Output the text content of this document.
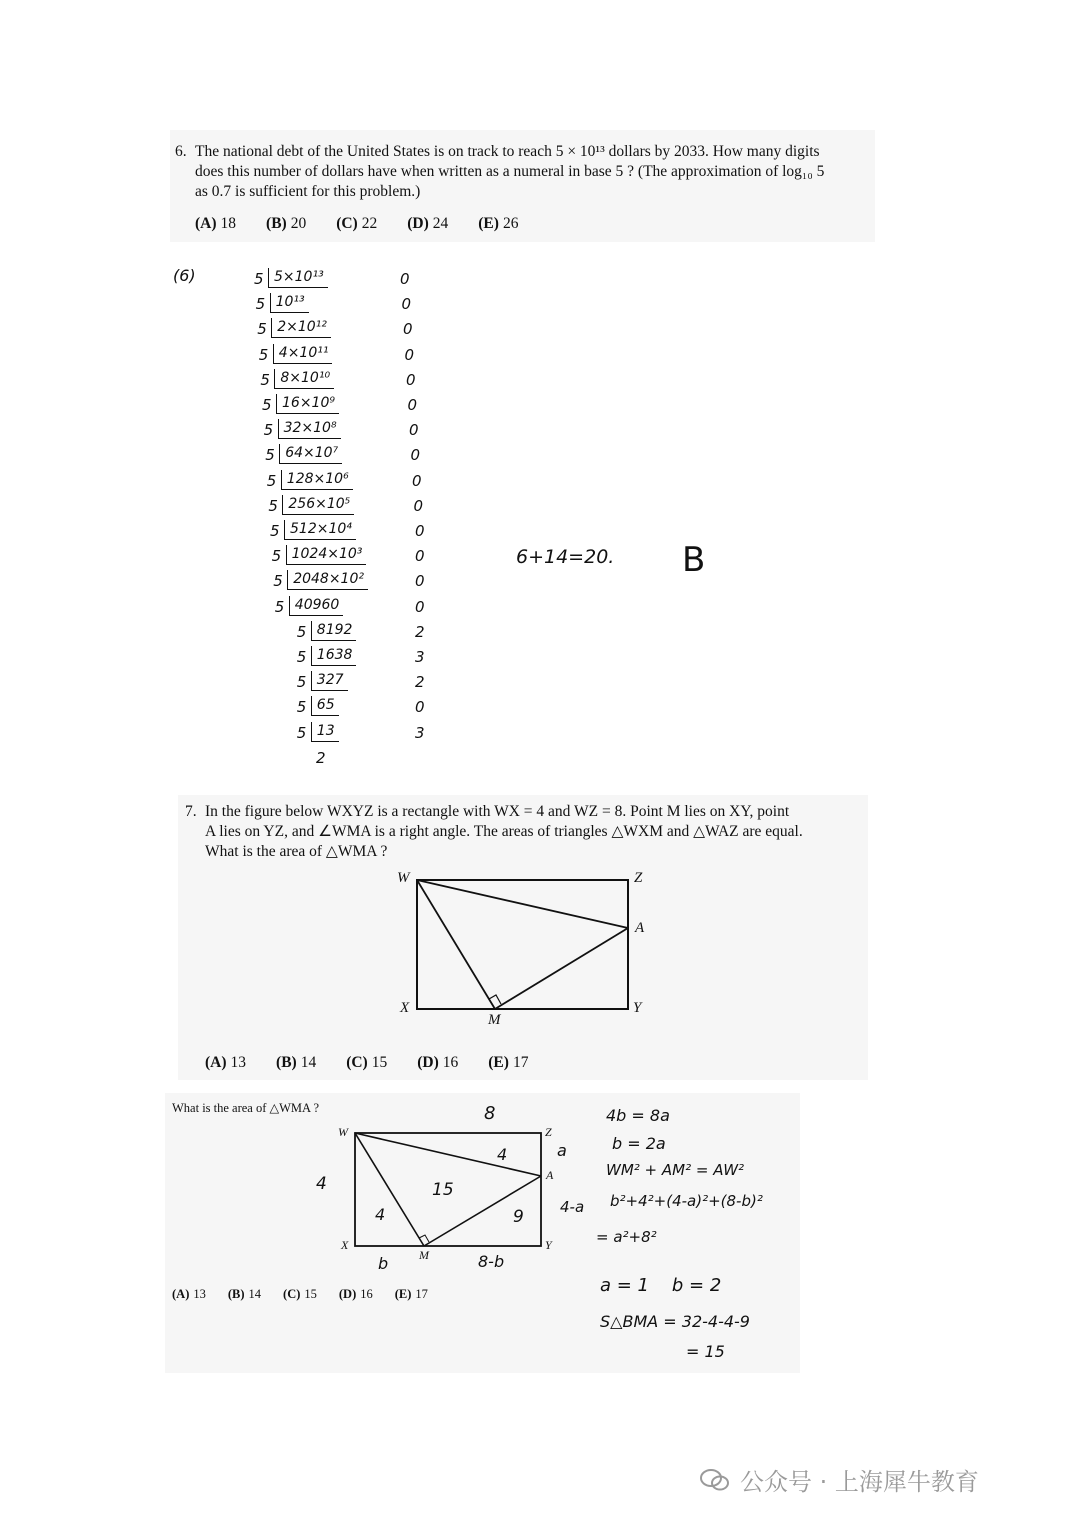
6. The national debt of the United States is on track to reach 5 × 10¹³ dollars by 2033. How many digits

does this number of dollars have when written as a numeral in base 5 ? (The approximation of log₁₀ 5

as 0.7 is sufficient for this problem.)

(A) 18 (B) 20 (C) 22 (D) 24 (E) 26
(6)	5 5×10¹³	0
5 10¹³	0
5 2×10¹²	0
5 4×10¹¹	0
5 8×10¹⁰	0
5 16×10⁹	0
5 32×10⁸	0
5 64×10⁷	0
5 128×10⁶	0
5 256×10⁵	0
5 512×10⁴	0
5 1024×10³	0
5 2048×10²	0
5 40960	0
5 8192	2
5 1638	3
5 327	2
5 65	0
5 13	3
2
6+14=20. B

7. In the figure below WXYZ is a rectangle with WX = 4 and WZ = 8. Point M lies on XY, point

A lies on YZ, and ∠WMA is a right angle. The areas of triangles △WXM and △WAZ are equal.

What is the area of △WMA ?

W	Z
A
X	Y
M
(A) 13 (B) 14 (C) 15 (D) 16 (E) 17
What is the area of △WMA ?
W	Z
A
X	Y
M
8
4
a
4-a
b	8-b
4
15
4	9
4b = 8a
b = 2a
WM² + AM² = AW²
b²+4²+(4-a)²+(8-b)²
= a²+8²
a = 1    b = 2
S△BMA = 32-4-4-9
= 15
(A) 13 (B) 14 (C) 15 (D) 16 (E) 17
公众号 · 上海犀牛教育
